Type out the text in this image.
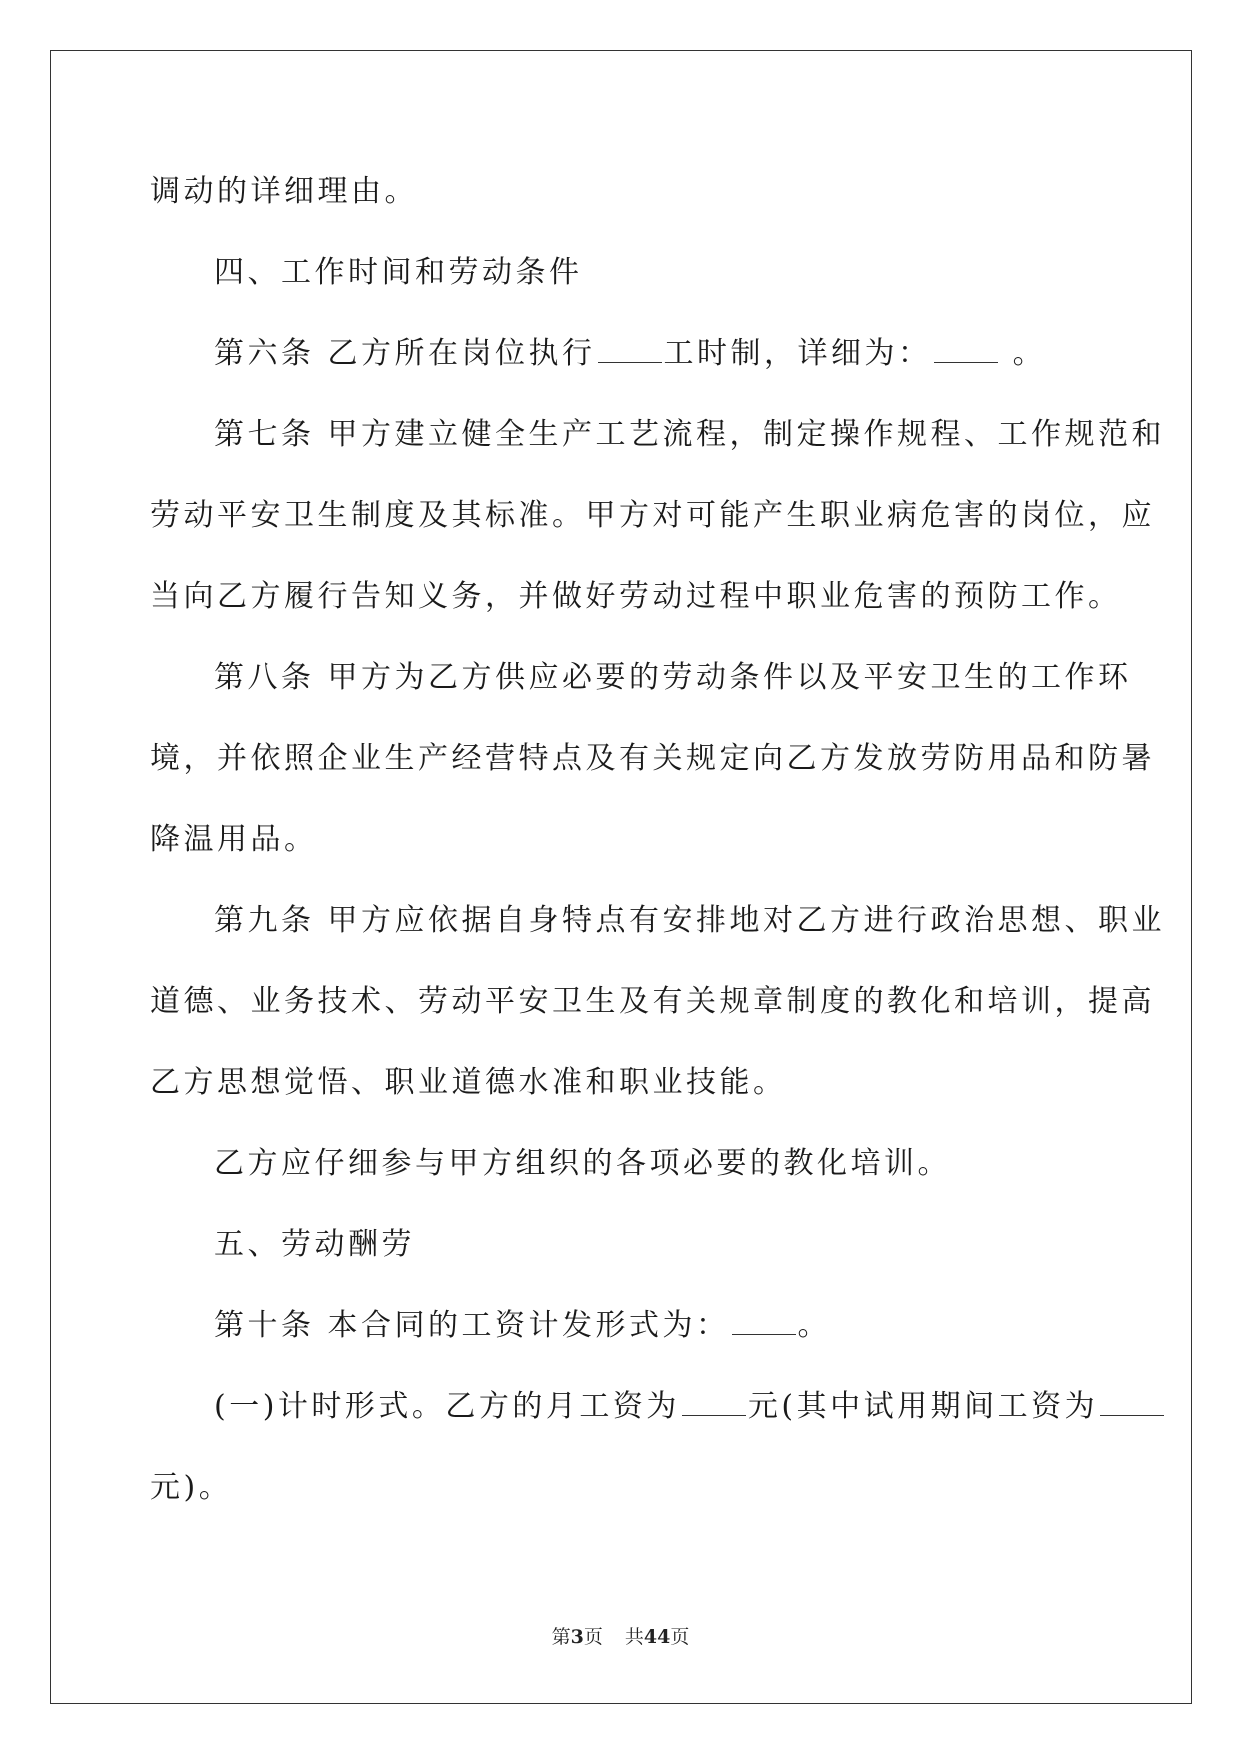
调动的详细理由。
四、工作时间和劳动条件
第六条 乙方所在岗位执行 工时制，详细为： 。
第七条 甲方建立健全生产工艺流程，制定操作规程、工作规范和
劳动平安卫生制度及其标准。甲方对可能产生职业病危害的岗位，应
当向乙方履行告知义务，并做好劳动过程中职业危害的预防工作。
第八条 甲方为乙方供应必要的劳动条件以及平安卫生的工作环
境，并依照企业生产经营特点及有关规定向乙方发放劳防用品和防暑
降温用品。
第九条 甲方应依据自身特点有安排地对乙方进行政治思想、职业
道德、业务技术、劳动平安卫生及有关规章制度的教化和培训，提高
乙方思想觉悟、职业道德水准和职业技能。
乙方应仔细参与甲方组织的各项必要的教化培训。
五、劳动酬劳
第十条 本合同的工资计发形式为： 。
(一)计时形式。乙方的月工资为 元(其中试用期间工资为
元)。
第3页 共44页
